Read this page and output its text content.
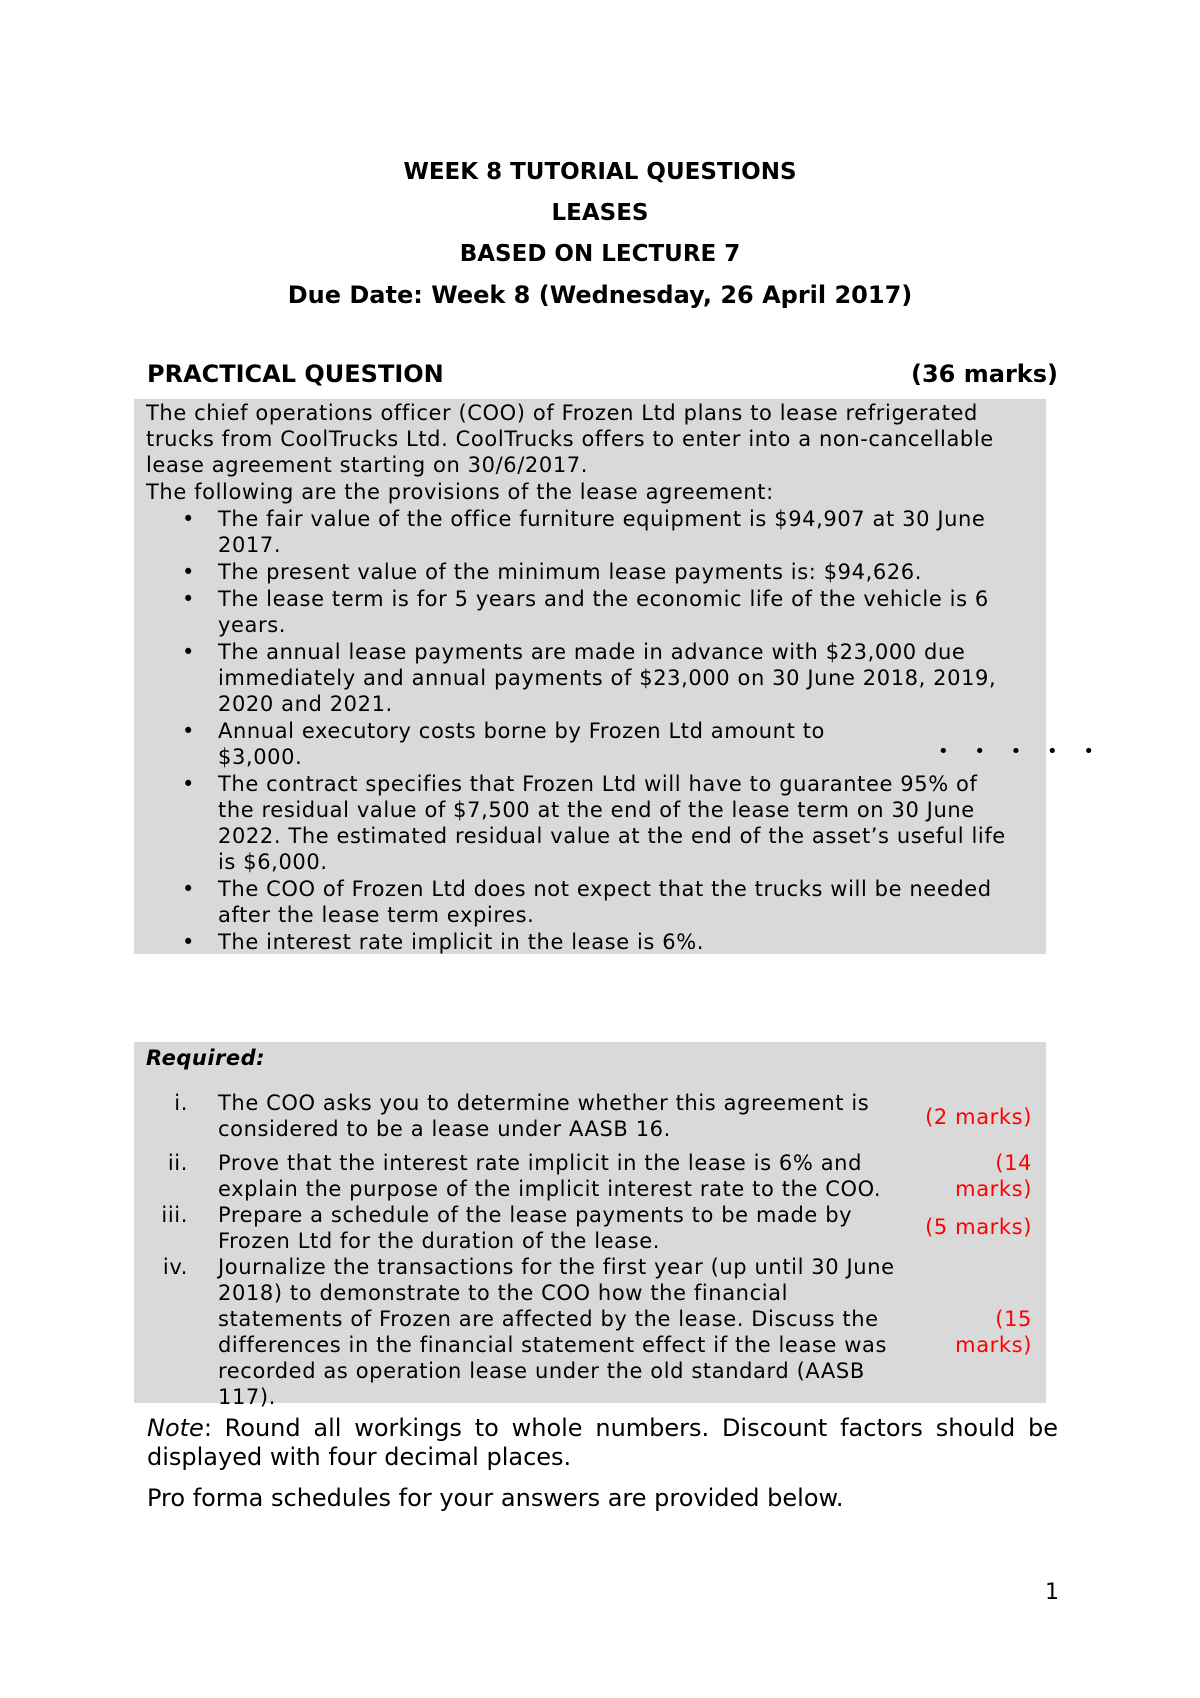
WEEK 8 TUTORIAL QUESTIONS
LEASES
BASED ON LECTURE 7
Due Date: Week 8 (Wednesday, 26 April 2017)
PRACTICAL QUESTION	(36 marks)
The chief operations officer (COO) of Frozen Ltd plans to lease refrigerated trucks from CoolTrucks Ltd. CoolTrucks offers to enter into a non-cancellable lease agreement starting on 30/6/2017.
The following are the provisions of the lease agreement:
• The fair value of the office furniture equipment is $94,907 at 30 June 2017.
• The present value of the minimum lease payments is: $94,626.
• The lease term is for 5 years and the economic life of the vehicle is 6 years.
• The annual lease payments are made in advance with $23,000 due immediately and annual payments of $23,000 on 30 June 2018, 2019, 2020 and 2021.
• Annual executory costs borne by Frozen Ltd amount to $3,000.
• The contract specifies that Frozen Ltd will have to guarantee 95% of the residual value of $7,500 at the end of the lease term on 30 June 2022. The estimated residual value at the end of the asset’s useful life is $6,000.
• The COO of Frozen Ltd does not expect that the trucks will be needed after the lease term expires.
• The interest rate implicit in the lease is 6%.
• • • • •
Required:
i. The COO asks you to determine whether this agreement is considered to be a lease under AASB 16.	(2 marks)
ii. Prove that the interest rate implicit in the lease is 6% and explain the purpose of the implicit interest rate to the COO.
(14 marks)
iii. Prepare a schedule of the lease payments to be made by Frozen Ltd for the duration of the lease.
(5 marks)
iv. Journalize the transactions for the first year (up until 30 June 2018) to demonstrate to the COO how the financial statements of Frozen are affected by the lease. Discuss the differences in the financial statement effect if the lease was recorded as operation lease under the old standard (AASB 117).
(15 marks)
Note: Round all workings to whole numbers. Discount factors should be displayed with four decimal places.
Pro forma schedules for your answers are provided below.
1
